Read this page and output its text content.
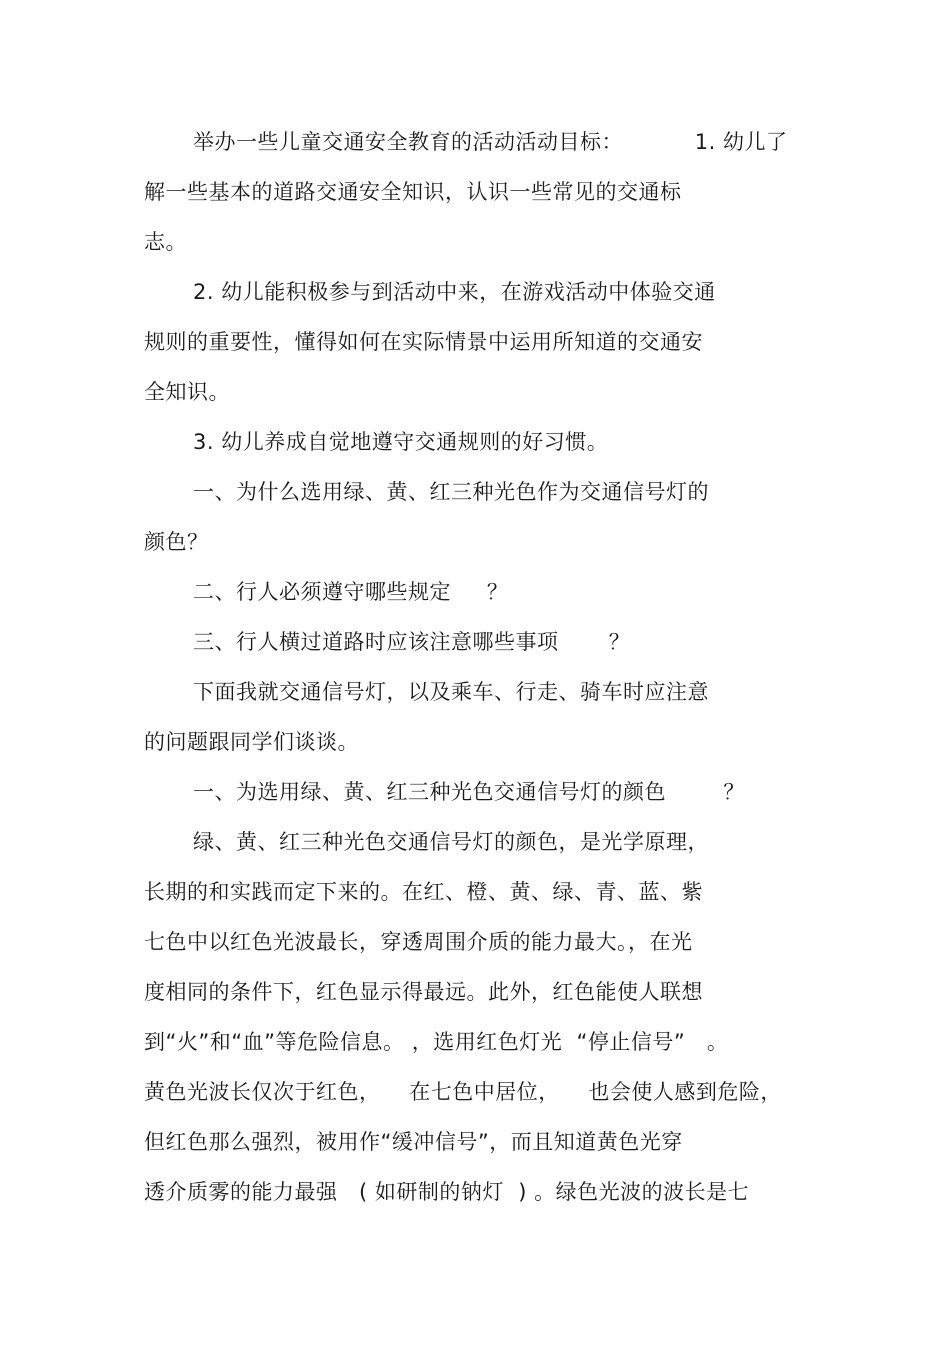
举办一些儿童交通安全教育的活动活动目标：          1. 幼儿了
解一些基本的道路交通安全知识，认识一些常见的交通标
志。
2. 幼儿能积极参与到活动中来，在游戏活动中体验交通
规则的重要性，懂得如何在实际情景中运用所知道的交通安
全知识。
3. 幼儿养成自觉地遵守交通规则的好习惯。
一、为什么选用绿、黄、红三种光色作为交通信号灯的
颜色？
二、行人必须遵守哪些规定     ？
三、行人横过道路时应该注意哪些事项       ？
下面我就交通信号灯，以及乘车、行走、骑车时应注意
的问题跟同学们谈谈。
一、为选用绿、黄、红三种光色交通信号灯的颜色        ？
绿、黄、红三种光色交通信号灯的颜色，是光学原理，
长期的和实践而定下来的。在红、橙、黄、绿、青、蓝、紫
七色中以红色光波最长，穿透周围介质的能力最大。，在光
度相同的条件下，红色显示得最远。此外，红色能使人联想
到“火”和“血”等危险信息。 ，选用红色灯光  “停止信号”   。
黄色光波长仅次于红色，    在七色中居位，    也会使人感到危险，
但红色那么强烈，被用作“缓冲信号”，而且知道黄色光穿
透介质雾的能力最强   ( 如研制的钠灯  ) 。绿色光波的波长是七
